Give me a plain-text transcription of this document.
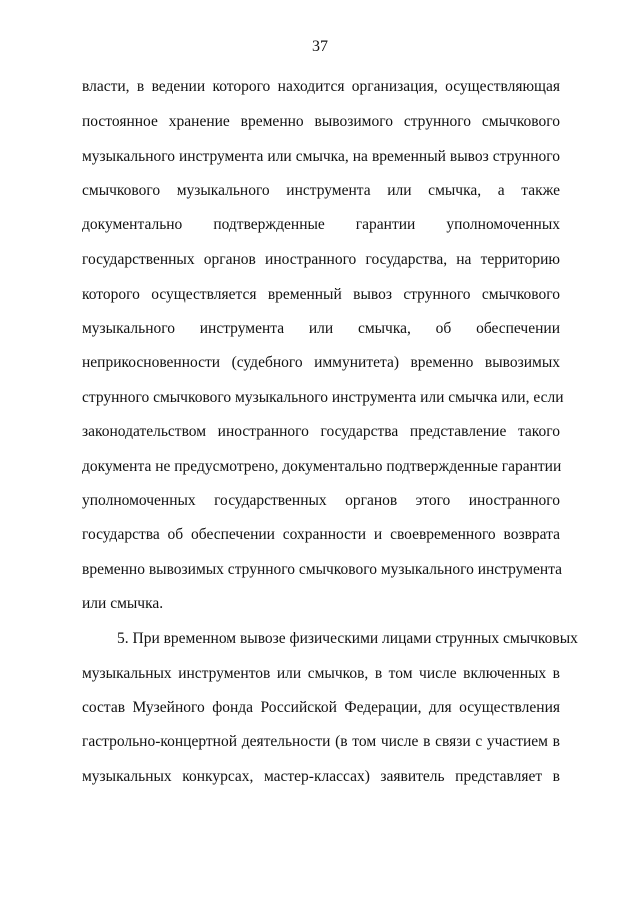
37
власти, в ведении которого находится организация, осуществляющая
постоянное хранение временно вывозимого струнного смычкового
музыкального инструмента или смычка, на временный вывоз струнного
смычкового музыкального инструмента или смычка, а также
документально подтвержденные гарантии уполномоченных
государственных органов иностранного государства, на территорию
которого осуществляется временный вывоз струнного смычкового
музыкального инструмента или смычка, об обеспечении
неприкосновенности (судебного иммунитета) временно вывозимых
струнного смычкового музыкального инструмента или смычка или, если
законодательством иностранного государства представление такого
документа не предусмотрено, документально подтвержденные гарантии
уполномоченных государственных органов этого иностранного
государства об обеспечении сохранности и своевременного возврата
временно вывозимых струнного смычкового музыкального инструмента
или смычка.
5. При временном вывозе физическими лицами струнных смычковых
музыкальных инструментов или смычков, в том числе включенных в
состав Музейного фонда Российской Федерации, для осуществления
гастрольно-концертной деятельности (в том числе в связи с участием в
музыкальных конкурсах, мастер-классах) заявитель представляет в
